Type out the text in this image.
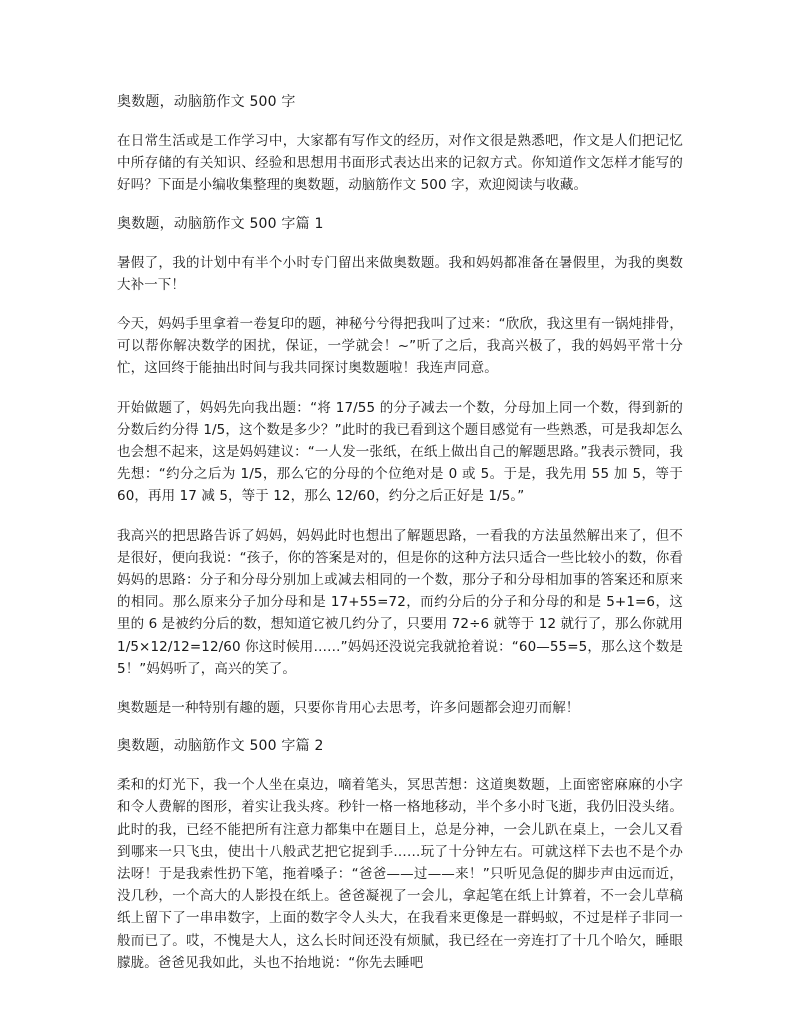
奥数题，动脑筋作文 500 字

在日常生活或是工作学习中，大家都有写作文的经历，对作文很是熟悉吧，作文是人们把记忆中所存储的有关知识、经验和思想用书面形式表达出来的记叙方式。你知道作文怎样才能写的好吗？下面是小编收集整理的奥数题，动脑筋作文 500 字，欢迎阅读与收藏。

奥数题，动脑筋作文 500 字篇 1

暑假了，我的计划中有半个小时专门留出来做奥数题。我和妈妈都准备在暑假里，为我的奥数大补一下！

今天，妈妈手里拿着一卷复印的题，神秘兮兮得把我叫了过来：“欣欣，我这里有一锅炖排骨，可以帮你解决数学的困扰，保证，一学就会！~”听了之后，我高兴极了，我的妈妈平常十分忙，这回终于能抽出时间与我共同探讨奥数题啦！我连声同意。

开始做题了，妈妈先向我出题：“将 17/55 的分子减去一个数，分母加上同一个数，得到新的分数后约分得 1/5，这个数是多少？”此时的我已看到这个题目感觉有一些熟悉，可是我却怎么也会想不起来，这是妈妈建议：“一人发一张纸，在纸上做出自己的解题思路。”我表示赞同，我先想：“约分之后为 1/5，那么它的分母的个位绝对是 0 或 5。于是，我先用 55 加 5，等于 60，再用 17 减 5，等于 12，那么 12/60，约分之后正好是 1/5。”

我高兴的把思路告诉了妈妈，妈妈此时也想出了解题思路，一看我的方法虽然解出来了，但不是很好，便向我说：“孩子，你的答案是对的，但是你的这种方法只适合一些比较小的数，你看妈妈的思路：分子和分母分别加上或减去相同的一个数，那分子和分母相加事的答案还和原来的相同。那么原来分子加分母和是 17+55=72，而约分后的分子和分母的和是 5+1=6，这里的 6 是被约分后的数，想知道它被几约分了，只要用 72÷6 就等于 12 就行了，那么你就用 1/5×12/12=12/60 你这时候用……”妈妈还没说完我就抢着说：“60—55=5，那么这个数是 5！”妈妈听了，高兴的笑了。

奥数题是一种特别有趣的题，只要你肯用心去思考，许多问题都会迎刃而解！

奥数题，动脑筋作文 500 字篇 2

柔和的灯光下，我一个人坐在桌边，嘀着笔头，冥思苦想：这道奥数题，上面密密麻麻的小字和令人费解的图形，着实让我头疼。秒针一格一格地移动，半个多小时飞逝，我仍旧没头绪。此时的我，已经不能把所有注意力都集中在题目上，总是分神，一会儿趴在桌上，一会儿又看到哪来一只飞虫，使出十八般武艺把它捉到手……玩了十分钟左右。可就这样下去也不是个办法呀！于是我索性扔下笔，拖着嗓子：“爸爸——过——来！”只听见急促的脚步声由远而近，没几秒，一个高大的人影投在纸上。爸爸凝视了一会儿，拿起笔在纸上计算着，不一会儿草稿纸上留下了一串串数字，上面的数字令人头大，在我看来更像是一群蚂蚁，不过是样子非同一般而已了。哎，不愧是大人，这么长时间还没有烦腻，我已经在一旁连打了十几个哈欠，睡眼朦胧。爸爸见我如此，头也不抬地说：“你先去睡吧
